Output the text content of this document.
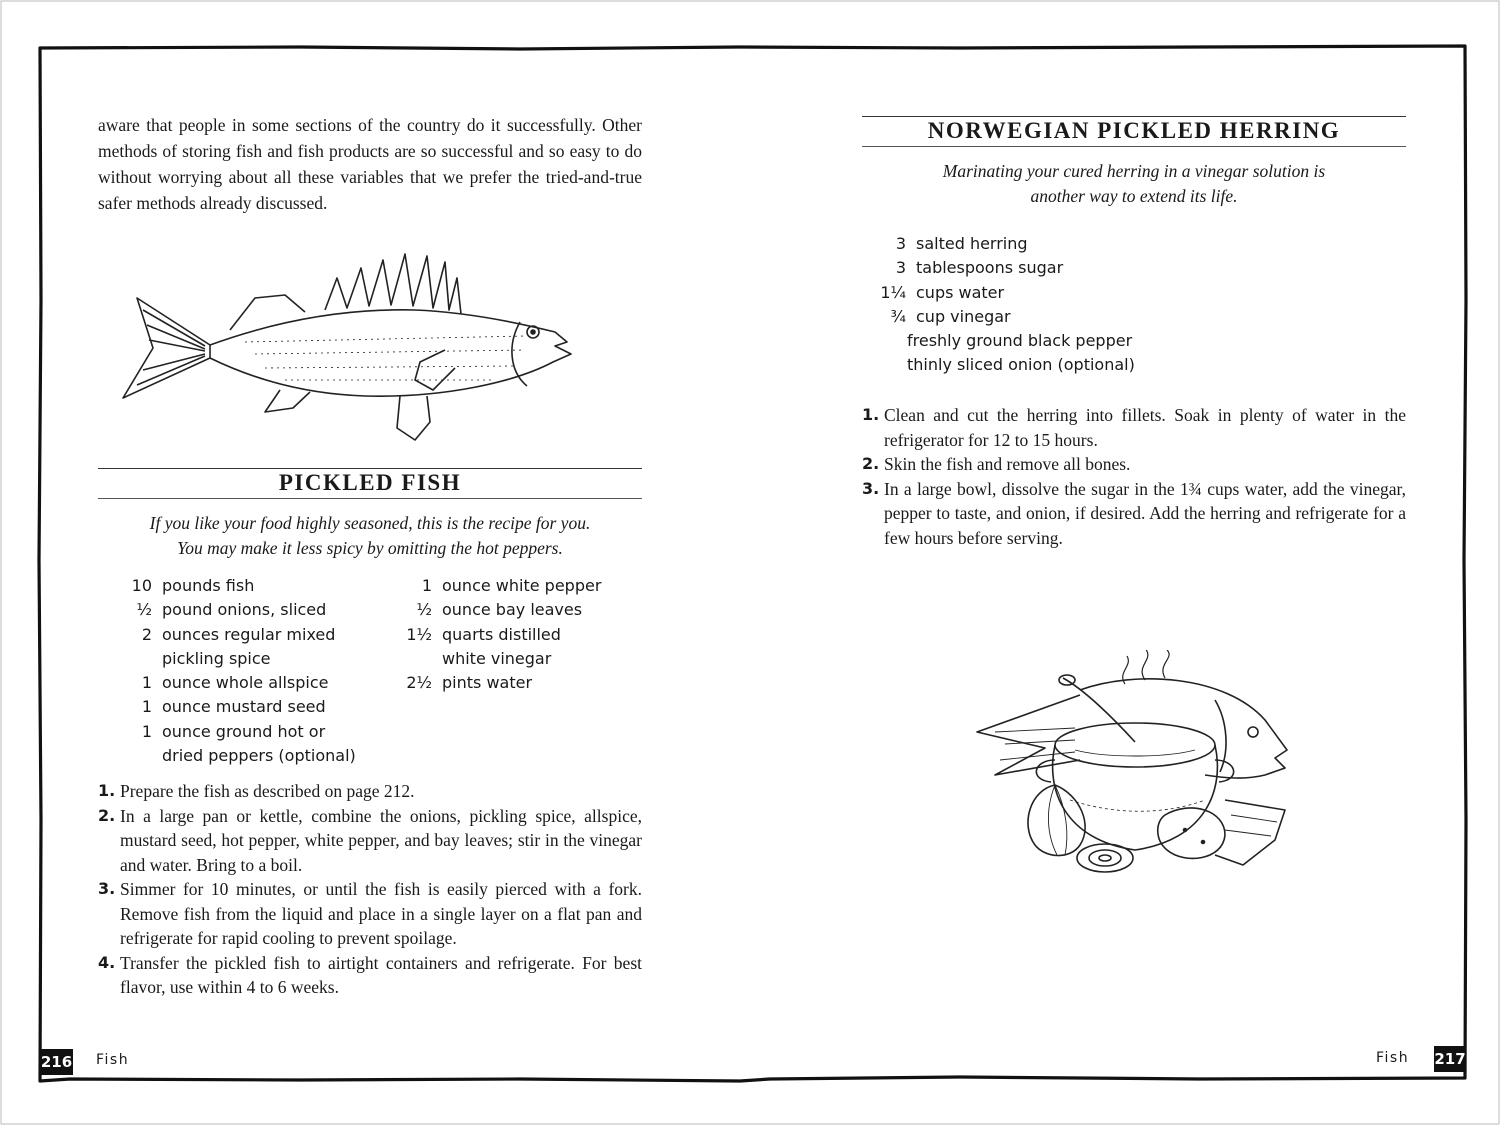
aware that people in some sections of the country do it successfully. Other methods of storing fish and fish products are so successful and so easy to do without worrying about all these variables that we prefer the tried-and-true safer methods already discussed.
PICKLED FISH
If you like your food highly seasoned, this is the recipe for you.
You may make it less spicy by omitting the hot peppers.
10 pounds fish
½ pound onions, sliced
2 ounces regular mixed pickling spice
1 ounce whole allspice
1 ounce mustard seed
1 ounce ground hot or dried peppers (optional)
1 ounce white pepper
½ ounce bay leaves
1½ quarts distilled white vinegar
2½ pints water
1. Prepare the fish as described on page 212.
2. In a large pan or kettle, combine the onions, pickling spice, allspice, mustard seed, hot pepper, white pepper, and bay leaves; stir in the vinegar and water. Bring to a boil.
3. Simmer for 10 minutes, or until the fish is easily pierced with a fork. Remove fish from the liquid and place in a single layer on a flat pan and refrigerate for rapid cooling to prevent spoilage.
4. Transfer the pickled fish to airtight containers and refrigerate. For best flavor, use within 4 to 6 weeks.
216 Fish
NORWEGIAN PICKLED HERRING
Marinating your cured herring in a vinegar solution is
another way to extend its life.
3 salted herring
3 tablespoons sugar
1¼ cups water
¾ cup vinegar
freshly ground black pepper
thinly sliced onion (optional)
1. Clean and cut the herring into fillets. Soak in plenty of water in the refrigerator for 12 to 15 hours.
2. Skin the fish and remove all bones.
3. In a large bowl, dissolve the sugar in the 1¾ cups water, add the vinegar, pepper to taste, and onion, if desired. Add the herring and refrigerate for a few hours before serving.
Fish 217
